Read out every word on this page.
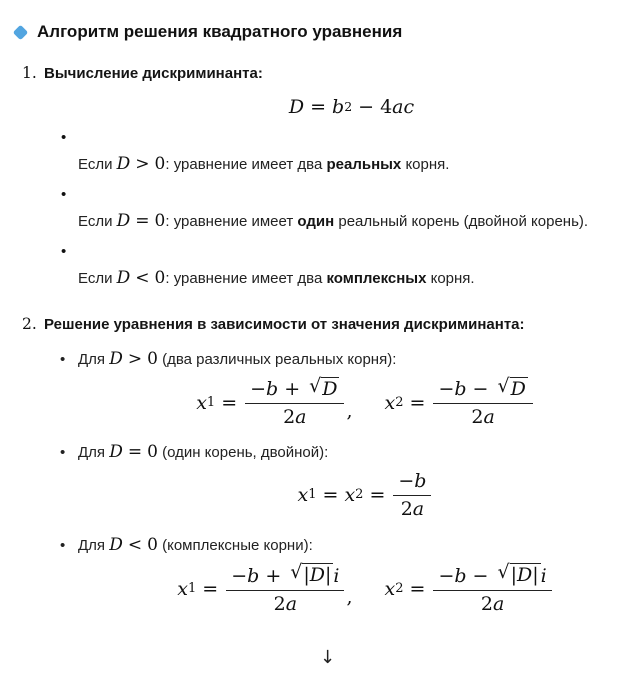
Алгоритм решения квадратного уравнения
1. Вычисление дискриминанта:
D = b 2 − 4 a c
•
Если D > 0: уравнение имеет два реальных корня.
•
Если D = 0: уравнение имеет один реальный корень (двойной корень).
•
Если D < 0: уравнение имеет два комплексных корня.
2. Решение уравнения в зависимости от значения дискриминанта:
• Для D > 0 (два различных реальных корня):
x $1 = \frac{- b + √ D}{2a}$ , x $2 = \frac{- b - √ D}{2a}$
• Для D = 0 (один корень, двойной):
x 1 = x $2 = \frac{- b}{2a}$
• Для D < 0 (комплексные корни):
x $1 = \frac{- b + √ |D| i}{2a}$ , x $2 = \frac{- b - √ |D| i}{2a}$
↓
